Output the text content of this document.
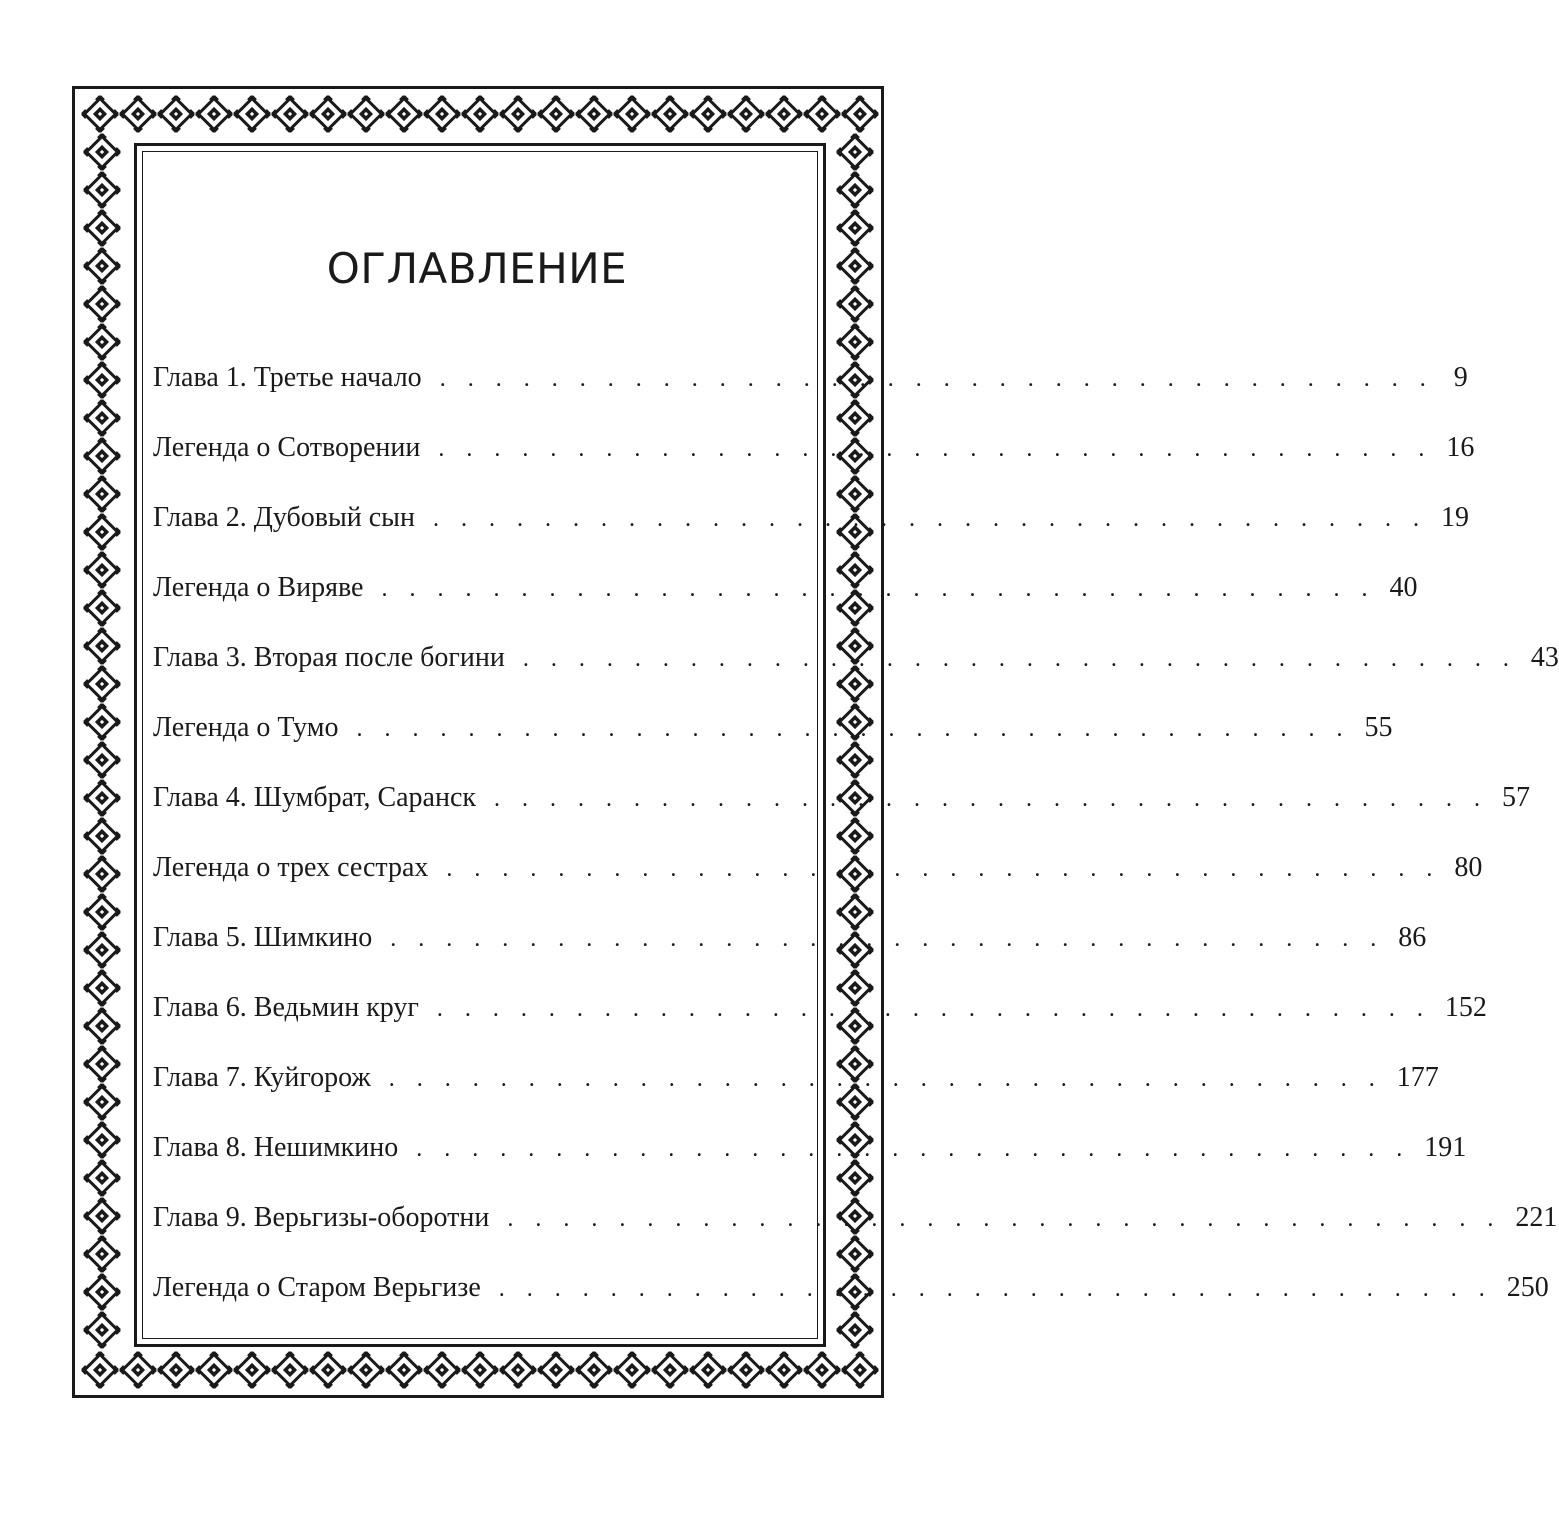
ОГЛАВЛЕНИЕ
Глава 1. Третье начало . . . . . . . . . . . . . . . . . . . . . . . . . . . . . . . . . . . . 9
Легенда о Сотворении . . . . . . . . . . . . . . . . . . . . . . . . . . . . . . . . . . . . 16
Глава 2. Дубовый сын . . . . . . . . . . . . . . . . . . . . . . . . . . . . . . . . . . . . 19
Легенда о Виряве . . . . . . . . . . . . . . . . . . . . . . . . . . . . . . . . . . . . 40
Глава 3. Вторая после богини . . . . . . . . . . . . . . . . . . . . . . . . . . . . . . . . . . . . 43
Легенда о Тумо . . . . . . . . . . . . . . . . . . . . . . . . . . . . . . . . . . . . 55
Глава 4. Шумбрат, Саранск . . . . . . . . . . . . . . . . . . . . . . . . . . . . . . . . . . . . 57
Легенда о трех сестрах . . . . . . . . . . . . . . . . . . . . . . . . . . . . . . . . . . . . 80
Глава 5. Шимкино . . . . . . . . . . . . . . . . . . . . . . . . . . . . . . . . . . . . 86
Глава 6. Ведьмин круг . . . . . . . . . . . . . . . . . . . . . . . . . . . . . . . . . . . . 152
Глава 7. Куйгорож . . . . . . . . . . . . . . . . . . . . . . . . . . . . . . . . . . . . 177
Глава 8. Нешимкино . . . . . . . . . . . . . . . . . . . . . . . . . . . . . . . . . . . . 191
Глава 9. Верьгизы-оборотни . . . . . . . . . . . . . . . . . . . . . . . . . . . . . . . . . . . . 221
Легенда о Старом Верьгизе . . . . . . . . . . . . . . . . . . . . . . . . . . . . . . . . . . . . 250
